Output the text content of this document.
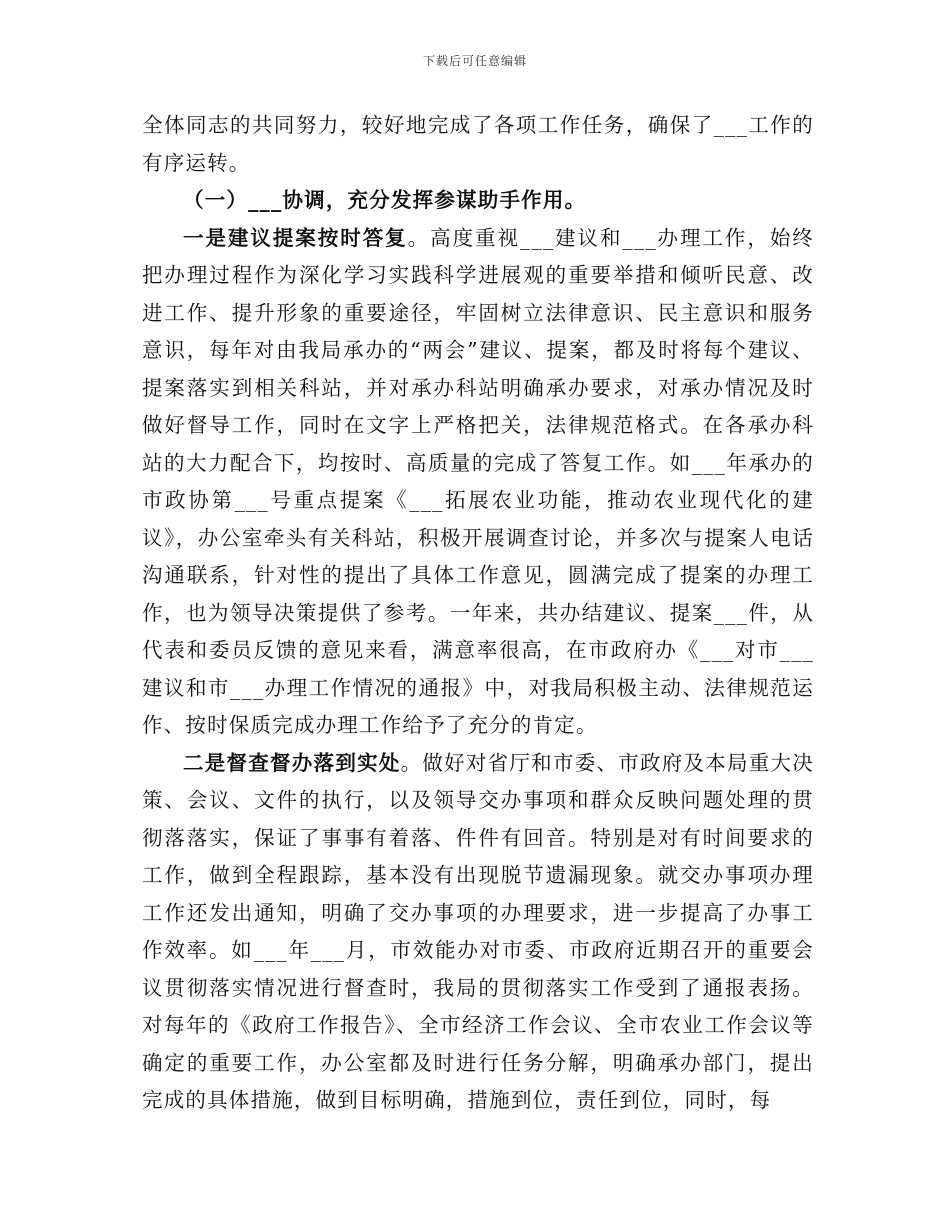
下载后可任意编辑

全体同志的共同努力，较好地完成了各项工作任务，确保了___工作的有序运转。

（一）___协调，充分发挥参谋助手作用。

一是建议提案按时答复。高度重视___建议和___办理工作，始终把办理过程作为深化学习实践科学进展观的重要举措和倾听民意、改进工作、提升形象的重要途径，牢固树立法律意识、民主意识和服务意识，每年对由我局承办的“两会”建议、提案，都及时将每个建议、提案落实到相关科站，并对承办科站明确承办要求，对承办情况及时做好督导工作，同时在文字上严格把关，法律规范格式。在各承办科站的大力配合下，均按时、高质量的完成了答复工作。如___年承办的市政协第___号重点提案《___拓展农业功能，推动农业现代化的建议》，办公室牵头有关科站，积极开展调查讨论，并多次与提案人电话沟通联系，针对性的提出了具体工作意见，圆满完成了提案的办理工作，也为领导决策提供了参考。一年来，共办结建议、提案___件，从代表和委员反馈的意见来看，满意率很高，在市政府办《___对市___建议和市___办理工作情况的通报》中，对我局积极主动、法律规范运作、按时保质完成办理工作给予了充分的肯定。

二是督查督办落到实处。做好对省厅和市委、市政府及本局重大决策、会议、文件的执行，以及领导交办事项和群众反映问题处理的贯彻落落实，保证了事事有着落、件件有回音。特别是对有时间要求的工作，做到全程跟踪，基本没有出现脱节遗漏现象。就交办事项办理工作还发出通知，明确了交办事项的办理要求，进一步提高了办事工作效率。如___年___月，市效能办对市委、市政府近期召开的重要会议贯彻落实情况进行督查时，我局的贯彻落实工作受到了通报表扬。对每年的《政府工作报告》、全市经济工作会议、全市农业工作会议等确定的重要工作，办公室都及时进行任务分解，明确承办部门，提出完成的具体措施，做到目标明确，措施到位，责任到位，同时，每
